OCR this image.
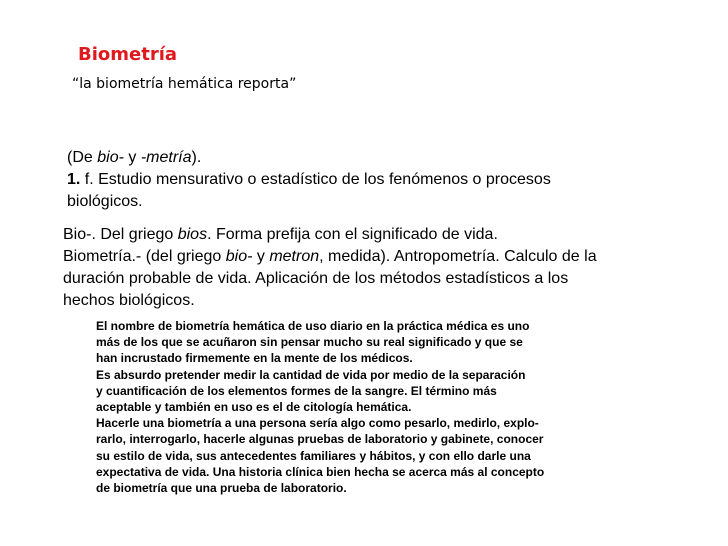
Biometría
“la biometría hemática reporta”
(De bio- y -metría).
1. f. Estudio mensurativo o estadístico de los fenómenos o procesos
biológicos.
Bio-. Del griego bios. Forma prefija con el significado de vida.
Biometría.- (del griego bio- y metron, medida). Antropometría. Calculo de la
duración probable de vida. Aplicación de los métodos estadísticos a los
hechos biológicos.
El nombre de biometría hemática de uso diario en la práctica médica es uno
más de los que se acuñaron sin pensar mucho su real significado y que se
han incrustado firmemente en la mente de los médicos.
Es absurdo pretender medir la cantidad de vida por medio de la separación
y cuantificación de los elementos formes de la sangre. El término más
aceptable y también en uso es el de citología hemática.
Hacerle una biometría a una persona sería algo como pesarlo, medirlo, explo-
rarlo, interrogarlo, hacerle algunas pruebas de laboratorio y gabinete, conocer
su estilo de vida, sus antecedentes familiares y hábitos, y con ello darle una
expectativa de vida. Una historia clínica bien hecha se acerca más al concepto
de biometría que una prueba de laboratorio.
